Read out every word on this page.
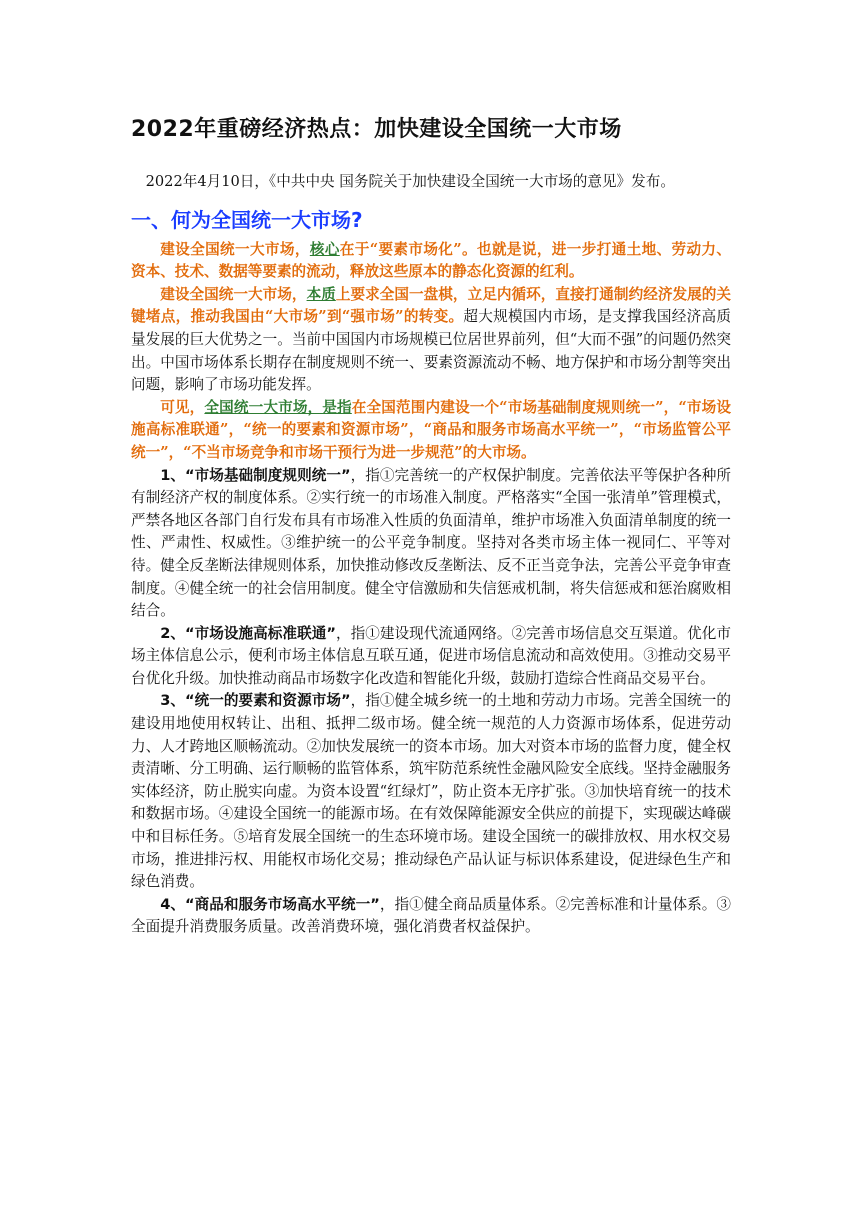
2022年重磅经济热点：加快建设全国统一大市场

2022年4月10日，《中共中央 国务院关于加快建设全国统一大市场的意见》发布。

一、何为全国统一大市场?

建设全国统一大市场，核心在于“要素市场化”。也就是说，进一步打通土地、劳动力、资本、技术、数据等要素的流动，释放这些原本的静态化资源的红利。

建设全国统一大市场，本质上要求全国一盘棋，立足内循环，直接打通制约经济发展的关键堵点，推动我国由“大市场”到“强市场”的转变。超大规模国内市场，是支撑我国经济高质量发展的巨大优势之一。当前中国国内市场规模已位居世界前列，但“大而不强”的问题仍然突出。中国市场体系长期存在制度规则不统一、要素资源流动不畅、地方保护和市场分割等突出问题，影响了市场功能发挥。

可见，全国统一大市场，是指在全国范围内建设一个“市场基础制度规则统一”，“市场设施高标准联通”，“统一的要素和资源市场”，“商品和服务市场高水平统一”，“市场监管公平统一”，“不当市场竞争和市场干预行为进一步规范”的大市场。

1、“市场基础制度规则统一”，指①完善统一的产权保护制度。完善依法平等保护各种所有制经济产权的制度体系。②实行统一的市场准入制度。严格落实“全国一张清单”管理模式，严禁各地区各部门自行发布具有市场准入性质的负面清单，维护市场准入负面清单制度的统一性、严肃性、权威性。③维护统一的公平竞争制度。坚持对各类市场主体一视同仁、平等对待。健全反垄断法律规则体系，加快推动修改反垄断法、反不正当竞争法，完善公平竞争审查制度。④健全统一的社会信用制度。健全守信激励和失信惩戒机制，将失信惩戒和惩治腐败相结合。

2、“市场设施高标准联通”，指①建设现代流通网络。②完善市场信息交互渠道。优化市场主体信息公示，便利市场主体信息互联互通，促进市场信息流动和高效使用。③推动交易平台优化升级。加快推动商品市场数字化改造和智能化升级，鼓励打造综合性商品交易平台。

3、“统一的要素和资源市场”，指①健全城乡统一的土地和劳动力市场。完善全国统一的建设用地使用权转让、出租、抵押二级市场。健全统一规范的人力资源市场体系，促进劳动力、人才跨地区顺畅流动。②加快发展统一的资本市场。加大对资本市场的监督力度，健全权责清晰、分工明确、运行顺畅的监管体系，筑牢防范系统性金融风险安全底线。坚持金融服务实体经济，防止脱实向虚。为资本设置“红绿灯”，防止资本无序扩张。③加快培育统一的技术和数据市场。④建设全国统一的能源市场。在有效保障能源安全供应的前提下，实现碳达峰碳中和目标任务。⑤培育发展全国统一的生态环境市场。建设全国统一的碳排放权、用水权交易市场，推进排污权、用能权市场化交易；推动绿色产品认证与标识体系建设，促进绿色生产和绿色消费。

4、“商品和服务市场高水平统一”，指①健全商品质量体系。②完善标准和计量体系。③全面提升消费服务质量。改善消费环境，强化消费者权益保护。
